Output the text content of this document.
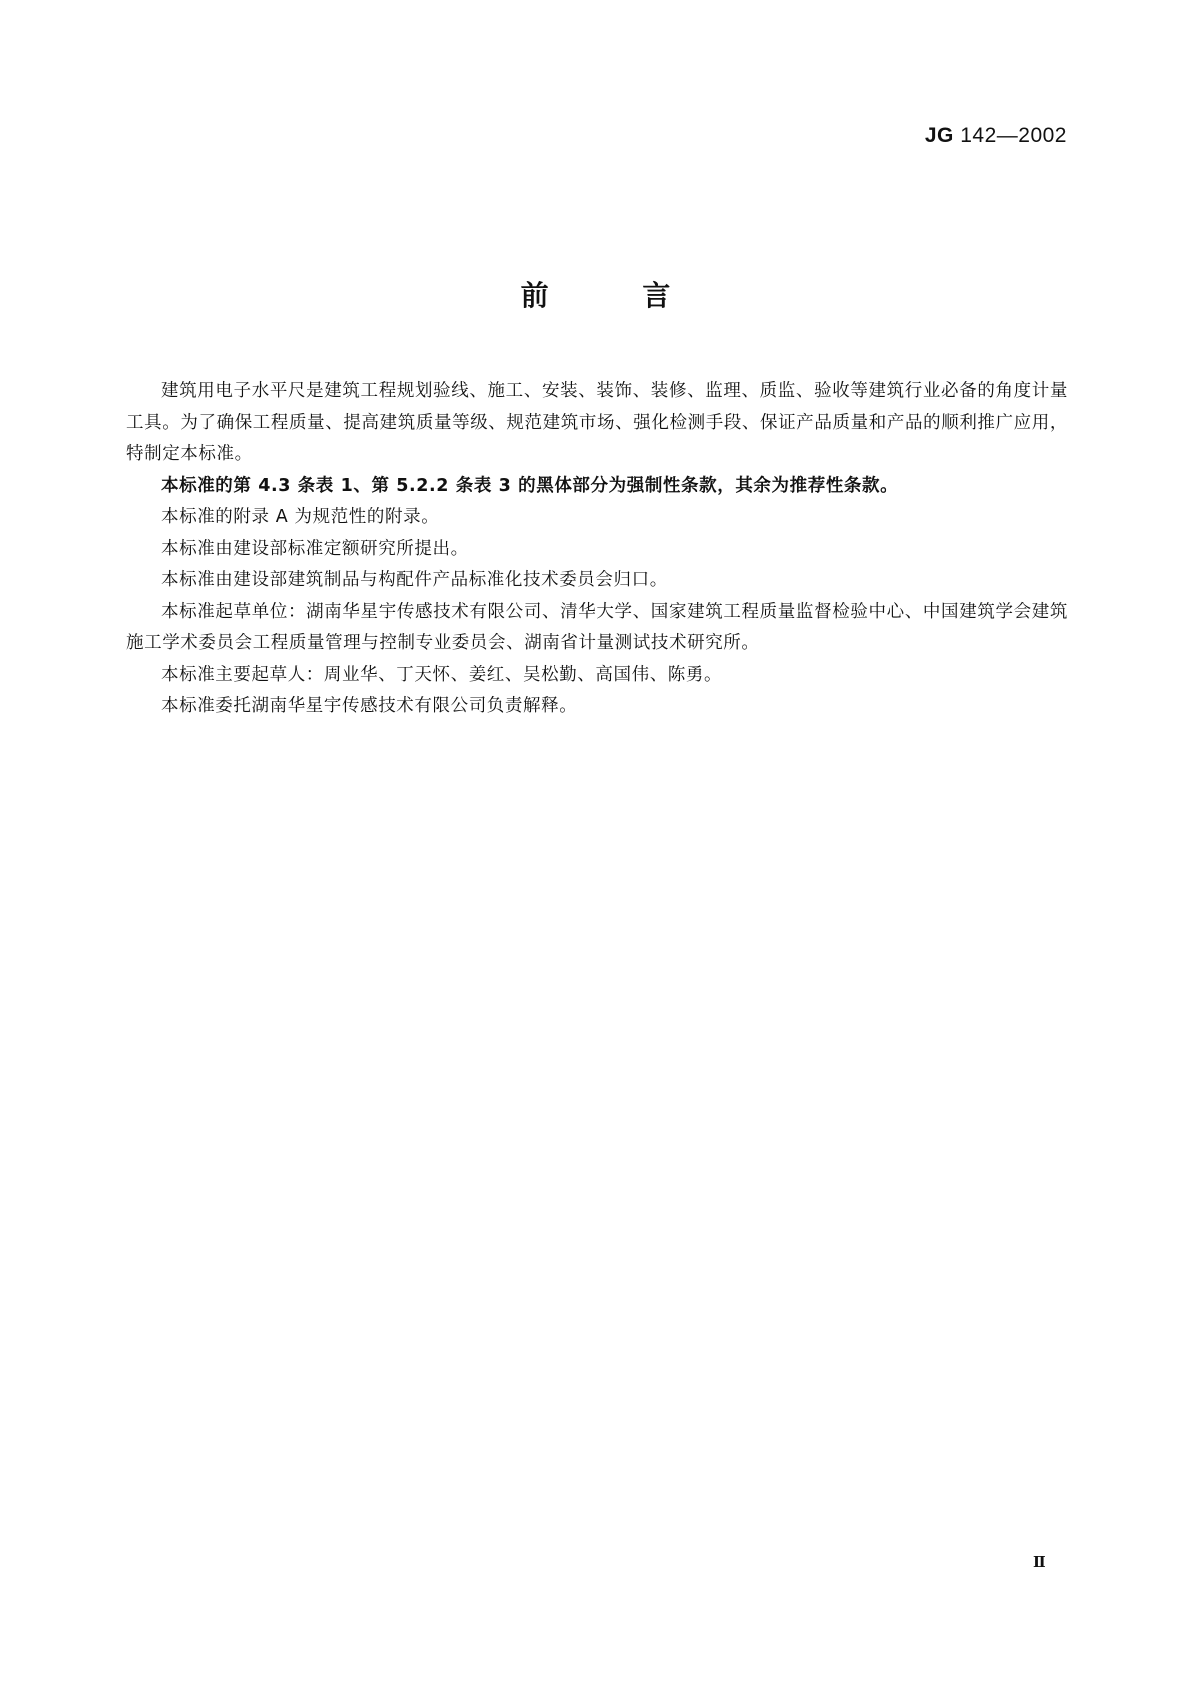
JG 142—2002
前	言

建筑用电子水平尺是建筑工程规划验线、施工、安装、装饰、装修、监理、质监、验收等建筑行业必备的角度计量工具。为了确保工程质量、提高建筑质量等级、规范建筑市场、强化检测手段、保证产品质量和产品的顺利推广应用，特制定本标准。

本标准的第 4.3 条表 1、第 5.2.2 条表 3 的黑体部分为强制性条款，其余为推荐性条款。

本标准的附录 A 为规范性的附录。

本标准由建设部标准定额研究所提出。

本标准由建设部建筑制品与构配件产品标准化技术委员会归口。

本标准起草单位：湖南华星宇传感技术有限公司、清华大学、国家建筑工程质量监督检验中心、中国建筑学会建筑施工学术委员会工程质量管理与控制专业委员会、湖南省计量测试技术研究所。

本标准主要起草人：周业华、丁天怀、姜红、吴松勤、高国伟、陈勇。

本标准委托湖南华星宇传感技术有限公司负责解释。

Ⅱ
